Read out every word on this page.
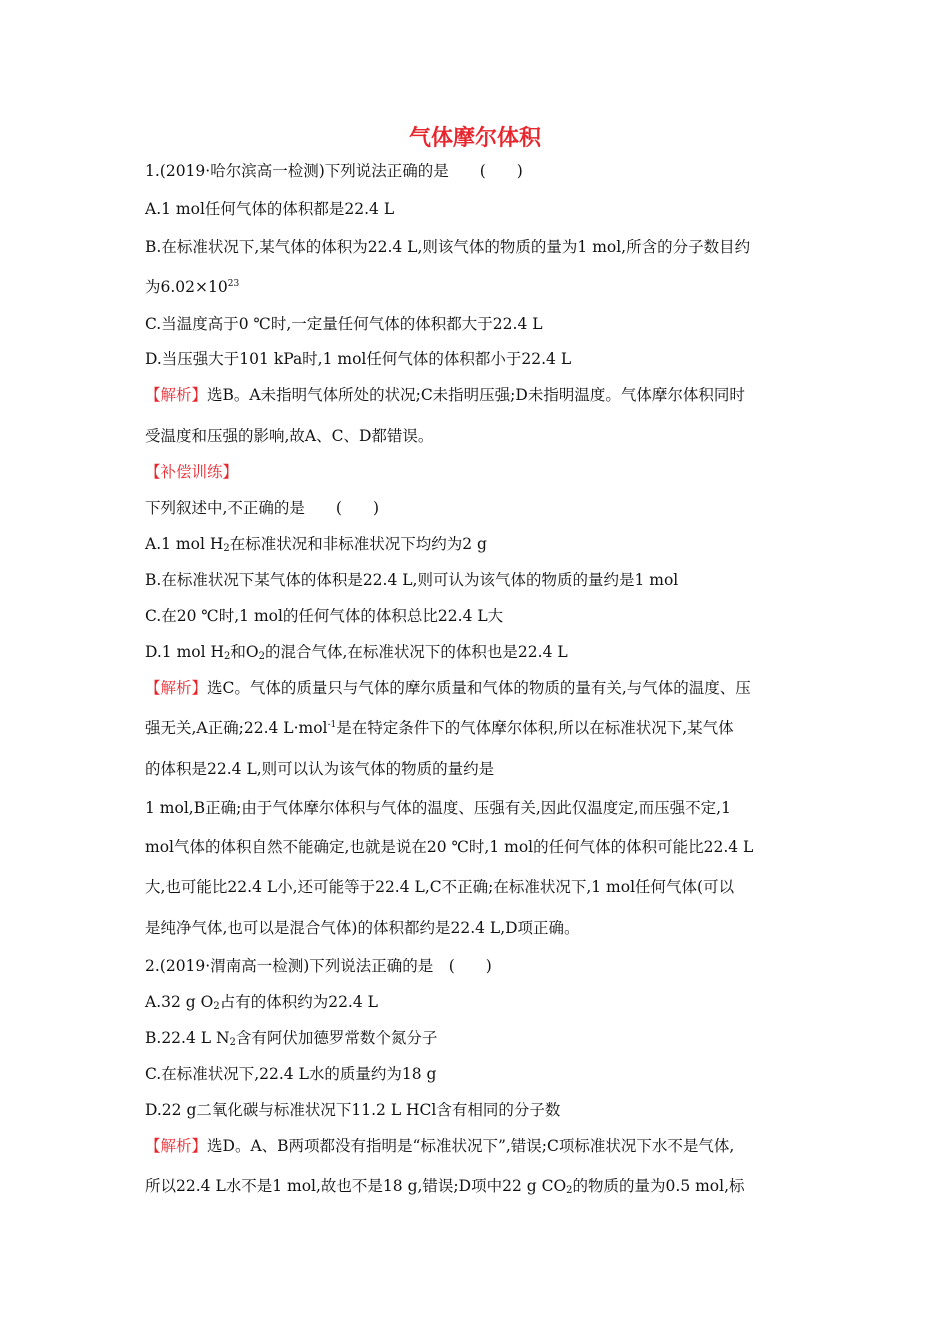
气体摩尔体积
1.(2019·哈尔滨高一检测)下列说法正确的是　　(　　)
A.1 mol任何气体的体积都是22.4 L
B.在标准状况下,某气体的体积为22.4 L,则该气体的物质的量为1 mol,所含的分子数目约
为$6.02\times 10^{23}$
C.当温度高于0 ℃时,一定量任何气体的体积都大于22.4 L
D.当压强大于101 kPa时,1 mol任何气体的体积都小于22.4 L
【解析】选B。A未指明气体所处的状况;C未指明压强;D未指明温度。气体摩尔体积同时
受温度和压强的影响,故A、C、D都错误。
【补偿训练】
下列叙述中,不正确的是　　(　　)
A.1 mol $H_2$在标准状况和非标准状况下均约为2 g
B.在标准状况下某气体的体积是22.4 L,则可认为该气体的物质的量约是1 mol
C.在20 ℃时,1 mol的任何气体的体积总比22.4 L大
D.1 mol $H_2$和$O_2$的混合气体,在标准状况下的体积也是22.4 L
【解析】选C。气体的质量只与气体的摩尔质量和气体的物质的量有关,与气体的温度、压
强无关,A正确;22.4 L·mol$^{-1}$是在特定条件下的气体摩尔体积,所以在标准状况下,某气体
的体积是22.4 L,则可以认为该气体的物质的量约是
1 mol,B正确;由于气体摩尔体积与气体的温度、压强有关,因此仅温度定,而压强不定,1
mol气体的体积自然不能确定,也就是说在20 ℃时,1 mol的任何气体的体积可能比22.4 L
大,也可能比22.4 L小,还可能等于22.4 L,C不正确;在标准状况下,1 mol任何气体(可以
是纯净气体,也可以是混合气体)的体积都约是22.4 L,D项正确。
2.(2019·渭南高一检测)下列说法正确的是　(　　)
A.32 g $O_2$占有的体积约为22.4 L
B.22.4 L $N_2$含有阿伏加德罗常数个氮分子
C.在标准状况下,22.4 L水的质量约为18 g
D.22 g二氧化碳与标准状况下11.2 L HCl含有相同的分子数
【解析】选D。A、B两项都没有指明是“标准状况下”,错误;C项标准状况下水不是气体,
所以22.4 L水不是1 mol,故也不是18 g,错误;D项中22 g $CO_2$的物质的量为0.5 mol,标
